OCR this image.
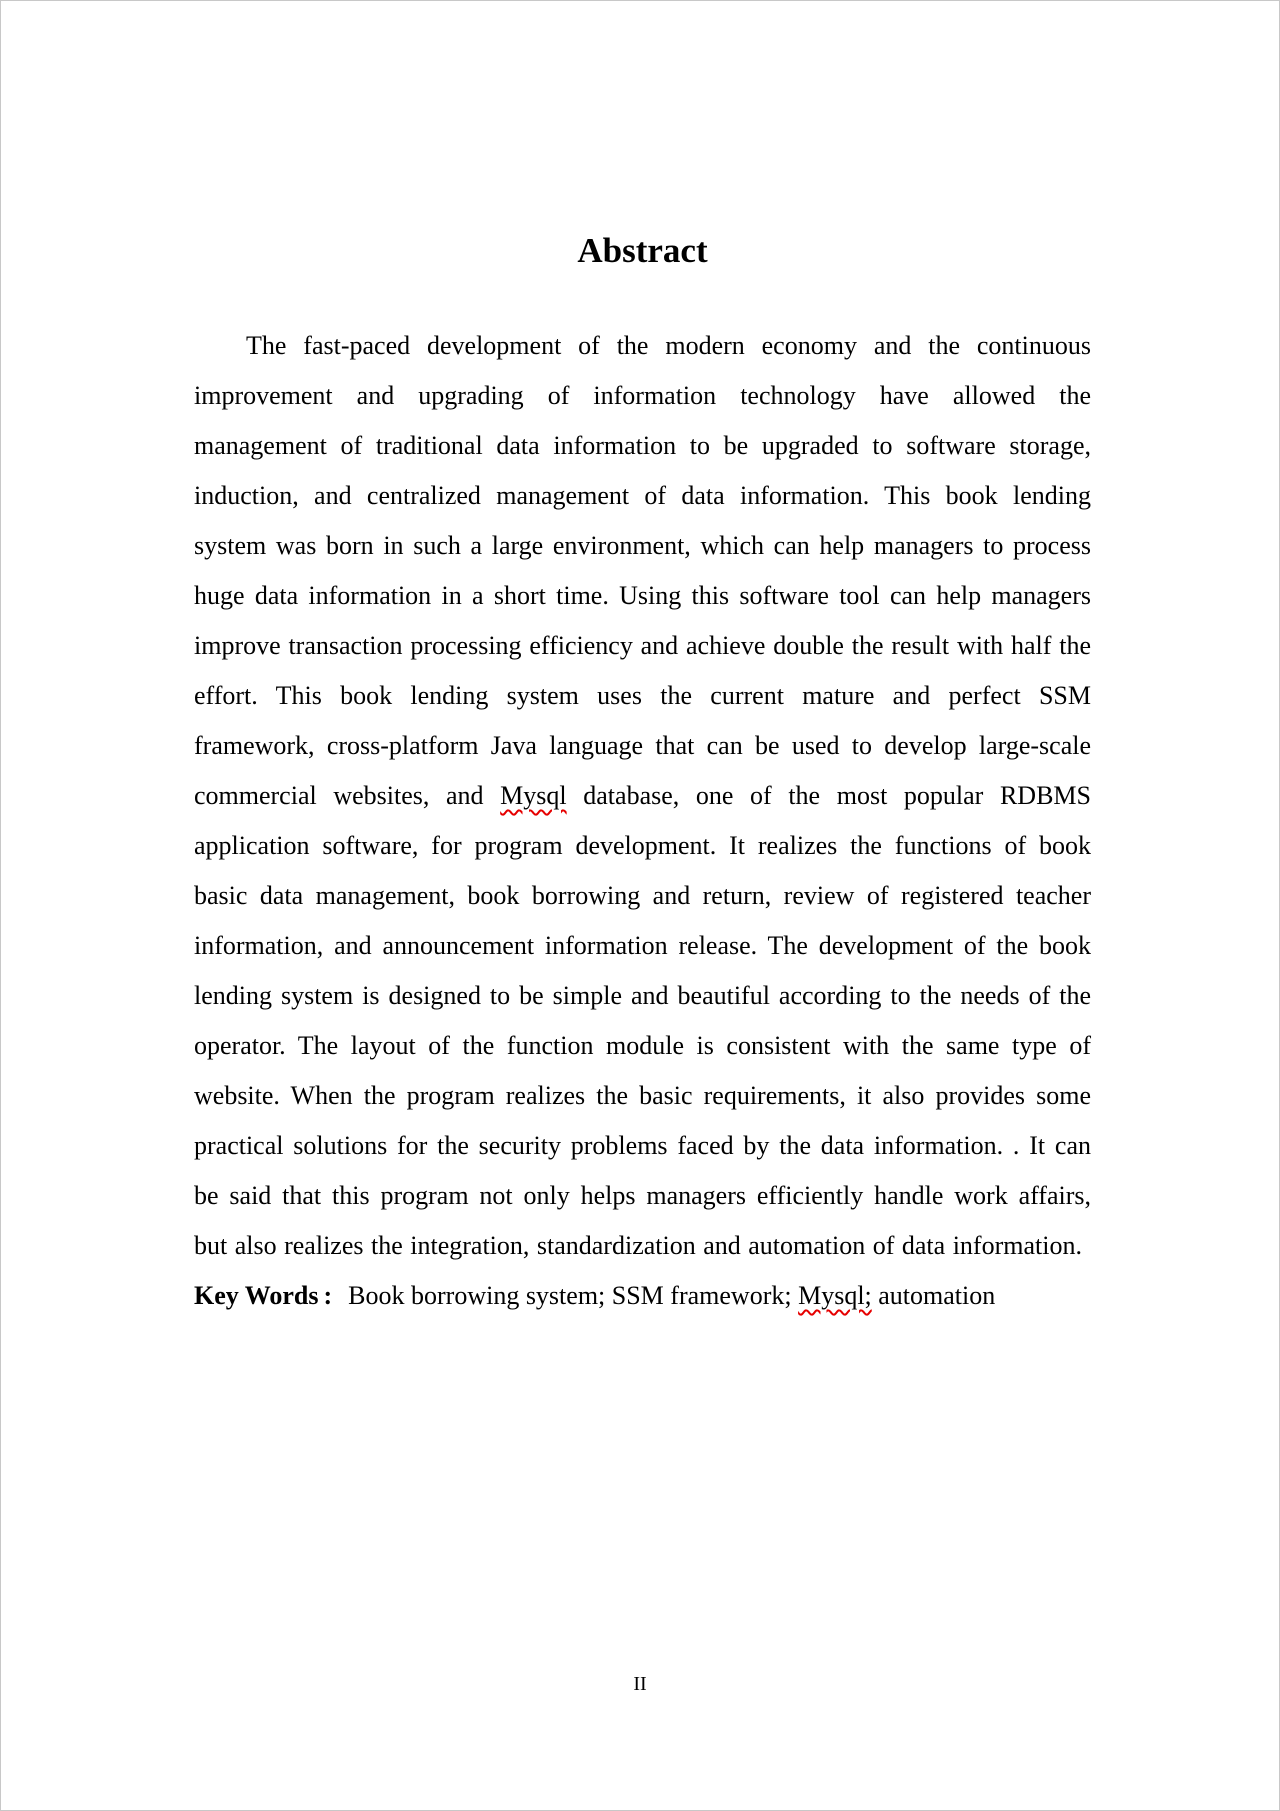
Abstract

The fast-paced development of the modern economy and the continuous improvement and upgrading of information technology have allowed the management of traditional data information to be upgraded to software storage, induction, and centralized management of data information. This book lending system was born in such a large environment, which can help managers to process huge data information in a short time. Using this software tool can help managers improve transaction processing efficiency and achieve double the result with half the effort. This book lending system uses the current mature and perfect SSM framework, cross-platform Java language that can be used to develop large-scale commercial websites, and Mysql database, one of the most popular RDBMS application software, for program development. It realizes the functions of book basic data management, book borrowing and return, review of registered teacher information, and announcement information release. The development of the book lending system is designed to be simple and beautiful according to the needs of the operator. The layout of the function module is consistent with the same type of website. When the program realizes the basic requirements, it also provides some practical solutions for the security problems faced by the data information. . It can be said that this program not only helps managers efficiently handle work affairs, but also realizes the integration, standardization and automation of data information.

Key Words : Book borrowing system; SSM framework; Mysql; automation

II
